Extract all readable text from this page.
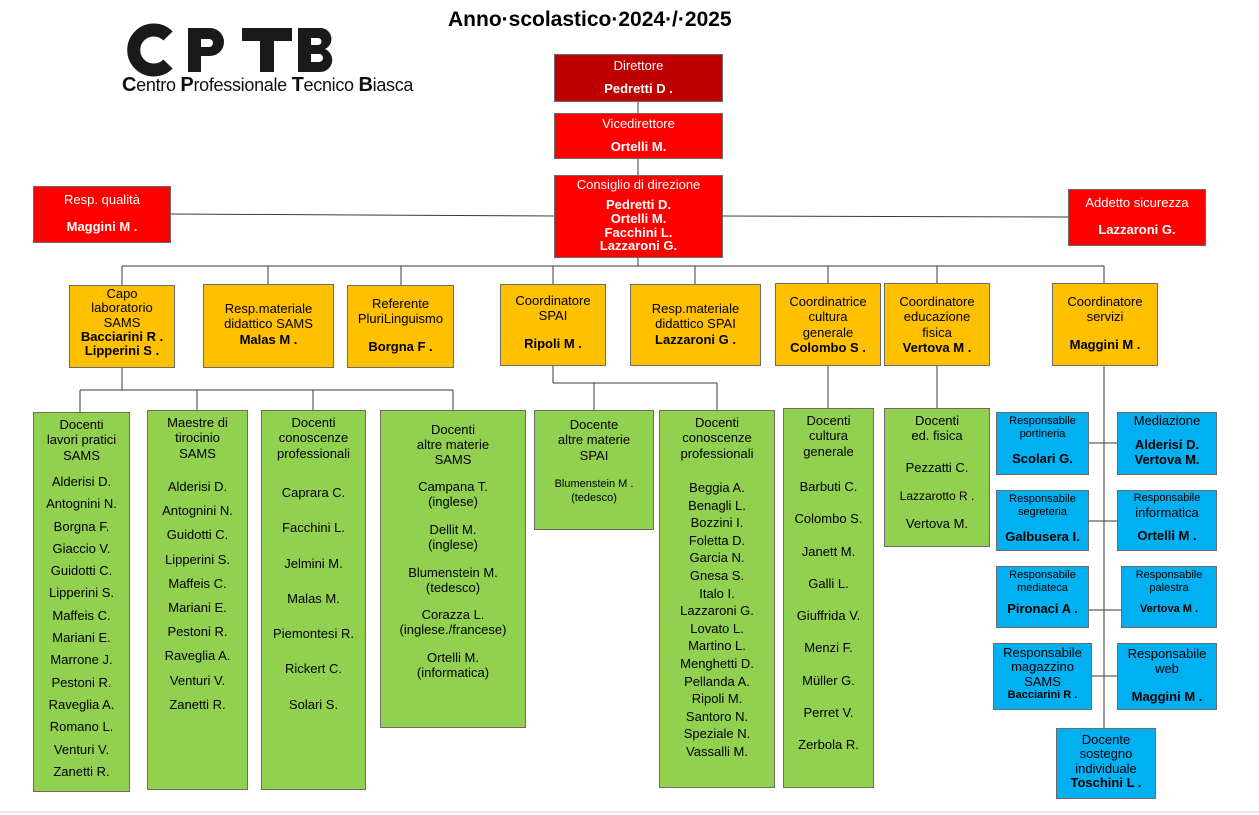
Anno·scolastico·2024·/·2025
Centro Professionale Tecnico Biasca
Direttore
Pedretti D .
Vicedirettore
Ortelli M.
Consiglio di direzione
Pedretti D.
Ortelli M.
Facchini L.
Lazzaroni G.
Resp. qualità
Maggini M .
Addetto sicurezza
Lazzaroni G.
Capo
laboratorio
SAMS
Bacciarini R .
Lipperini S .
Resp.materiale
didattico SAMS
Malas M .
Referente
PluriLinguismo
Borgna F .
Coordinatore
SPAI
Ripoli M .
Resp.materiale
didattico SPAI
Lazzaroni G .
Coordinatrice
cultura
generale
Colombo S .
Coordinatore
educazione
fisica
Vertova M .
Coordinatore
servizi
Maggini M .
Docenti
lavori pratici
SAMS
Alderisi D.
Antognini N.
Borgna F.
Giaccio V.
Guidotti C.
Lipperini S.
Maffeis C.
Mariani E.
Marrone J.
Pestoni R.
Raveglia A.
Romano L.
Venturi V.
Zanetti R.
Maestre di
tirocinio
SAMS
Alderisi D.
Antognini N.
Guidotti C.
Lipperini S.
Maffeis C.
Mariani E.
Pestoni R.
Raveglia A.
Venturi V.
Zanetti R.
Docenti
conoscenze
professionali
Caprara C.
Facchini L.
Jelmini M.
Malas M.
Piemontesi R.
Rickert C.
Solari S.
Docenti
altre materie
SAMS
Campana T.
(inglese)
Dellit M.
(inglese)
Blumenstein M.
(tedesco)
Corazza L.
(inglese./francese)
Ortelli M.
(informatica)
Docente
altre materie
SPAI
Blumenstein M .
(tedesco)
Docenti
conoscenze
professionali
Beggia A.
Benagli L.
Bozzini I.
Foletta D.
Garcia N.
Gnesa S.
Italo I.
Lazzaroni G.
Lovato L.
Martino L.
Menghetti D.
Pellanda A.
Ripoli M.
Santoro N.
Speziale N.
Vassalli M.
Docenti
cultura
generale
Barbuti C.
Colombo S.
Janett M.
Galli L.
Giuffrida V.
Menzi F.
Müller G.
Perret V.
Zerbola R.
Docenti
ed. fisica
Pezzatti C.
Lazzarotto R .
Vertova M.
Responsabile
portineria
Scolari G.
Mediazione
Alderisi D.
Vertova M.
Responsabile
segreteria
Galbusera I.
Responsabile
informatica
Ortelli M .
Responsabile
mediateca
Pironaci A .
Responsabile
palestra
Vertova M .
Responsabile
magazzino
SAMS
Bacciarini R .
Responsabile
web
Maggini M .
Docente
sostegno
individuale
Toschini L .
